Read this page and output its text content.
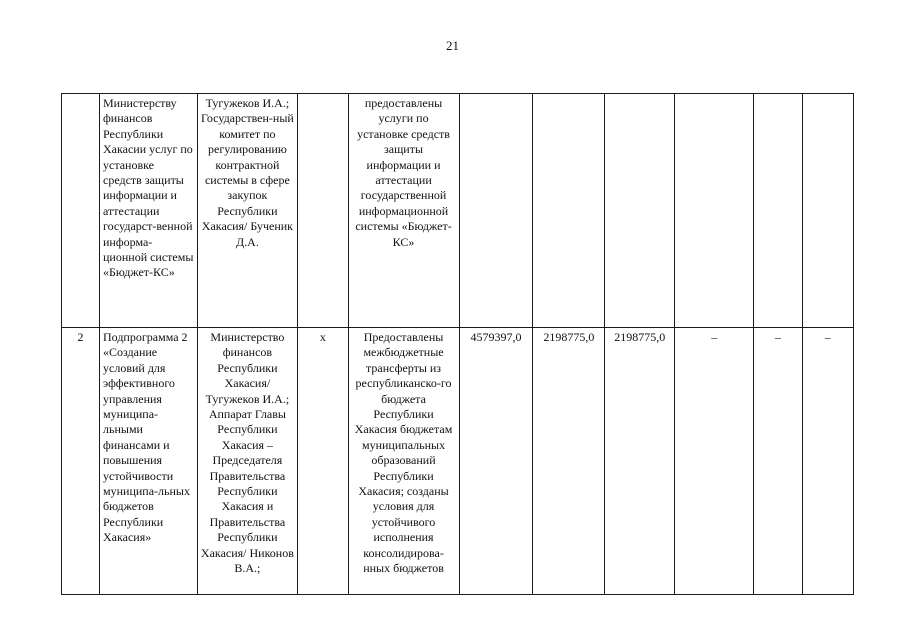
21
	Министерству финансов Республики Хакасии услуг по установке средств защиты информации и аттестации государст-венной информа-ционной системы «Бюджет-КС»	Тугужеков И.А.; Государствен-ный комитет по регулированию контрактной системы в сфере закупок Республики Хакасия/ Бученик Д.А.		предоставлены услуги по установке средств защиты информации и аттестации государственной информационной системы «Бюджет-КС»						
2	Подпрограмма 2 «Создание условий для эффективного управления муниципа-льными финансами и повышения устойчивости муниципа-льных бюджетов Республики Хакасия»	Министерство финансов Республики Хакасия/ Тугужеков И.А.; Аппарат Главы Республики Хакасия – Председателя Правительства Республики Хакасия и Правительства Республики Хакасия/ Никонов В.А.;	х	Предоставлены межбюджетные трансферты из республиканско-го бюджета Республики Хакасия бюджетам муниципальных образований Республики Хакасия; созданы условия для устойчивого исполнения консолидирова-нных бюджетов	4579397,0	2198775,0	2198775,0	–	–	–
